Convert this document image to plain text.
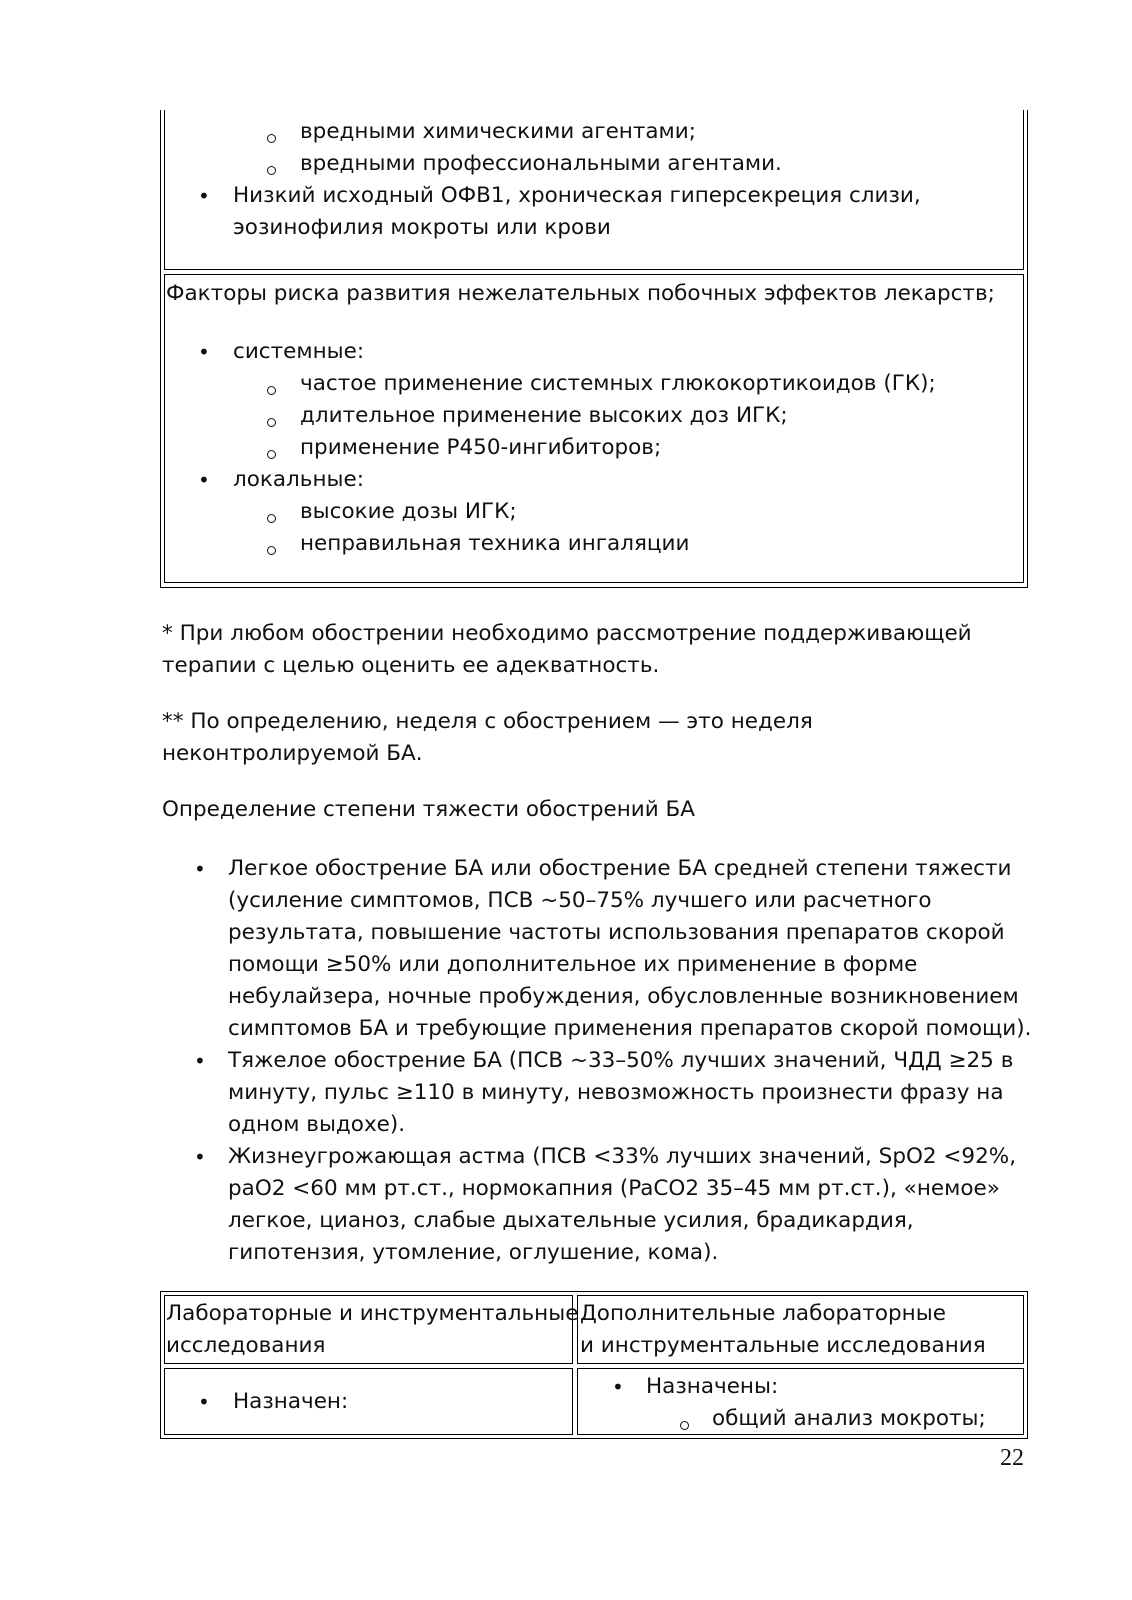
вредными химическими агентами;
вредными профессиональными агентами.
• Низкий исходный ОФВ1, хроническая гиперсекреция слизи,
эозинофилия мокроты или крови
Факторы риска развития нежелательных побочных эффектов лекарств;
• системные:
частое применение системных глюкокортикоидов (ГК);
длительное применение высоких доз ИГК;
применение P450-ингибиторов;
• локальные:
высокие дозы ИГК;
неправильная техника ингаляции
* При любом обострении необходимо рассмотрение поддерживающей
терапии с целью оценить ее адекватность.
** По определению, неделя с обострением — это неделя
неконтролируемой БА.
Определение степени тяжести обострений БА
• Легкое обострение БА или обострение БА средней степени тяжести
(усиление симптомов, ПСВ ~50–75% лучшего или расчетного
результата, повышение частоты использования препаратов скорой
помощи ≥50% или дополнительное их применение в форме
небулайзера, ночные пробуждения, обусловленные возникновением
симптомов БА и требующие применения препаратов скорой помощи).
• Тяжелое обострение БА (ПСВ ~33–50% лучших значений, ЧДД ≥25 в
минуту, пульс ≥110 в минуту, невозможность произнести фразу на
одном выдохе).
• Жизнеугрожающая астма (ПСВ <33% лучших значений, SpO2 <92%,
paO2 <60 мм рт.ст., нормокапния (PaCO2 35–45 мм рт.ст.), «немое»
легкое, цианоз, слабые дыхательные усилия, брадикардия,
гипотензия, утомление, оглушение, кома).
Лабораторные и инструментальные
исследования
Дополнительные лабораторные
и инструментальные исследования
• Назначен:
• Назначены:
общий анализ мокроты;
22
